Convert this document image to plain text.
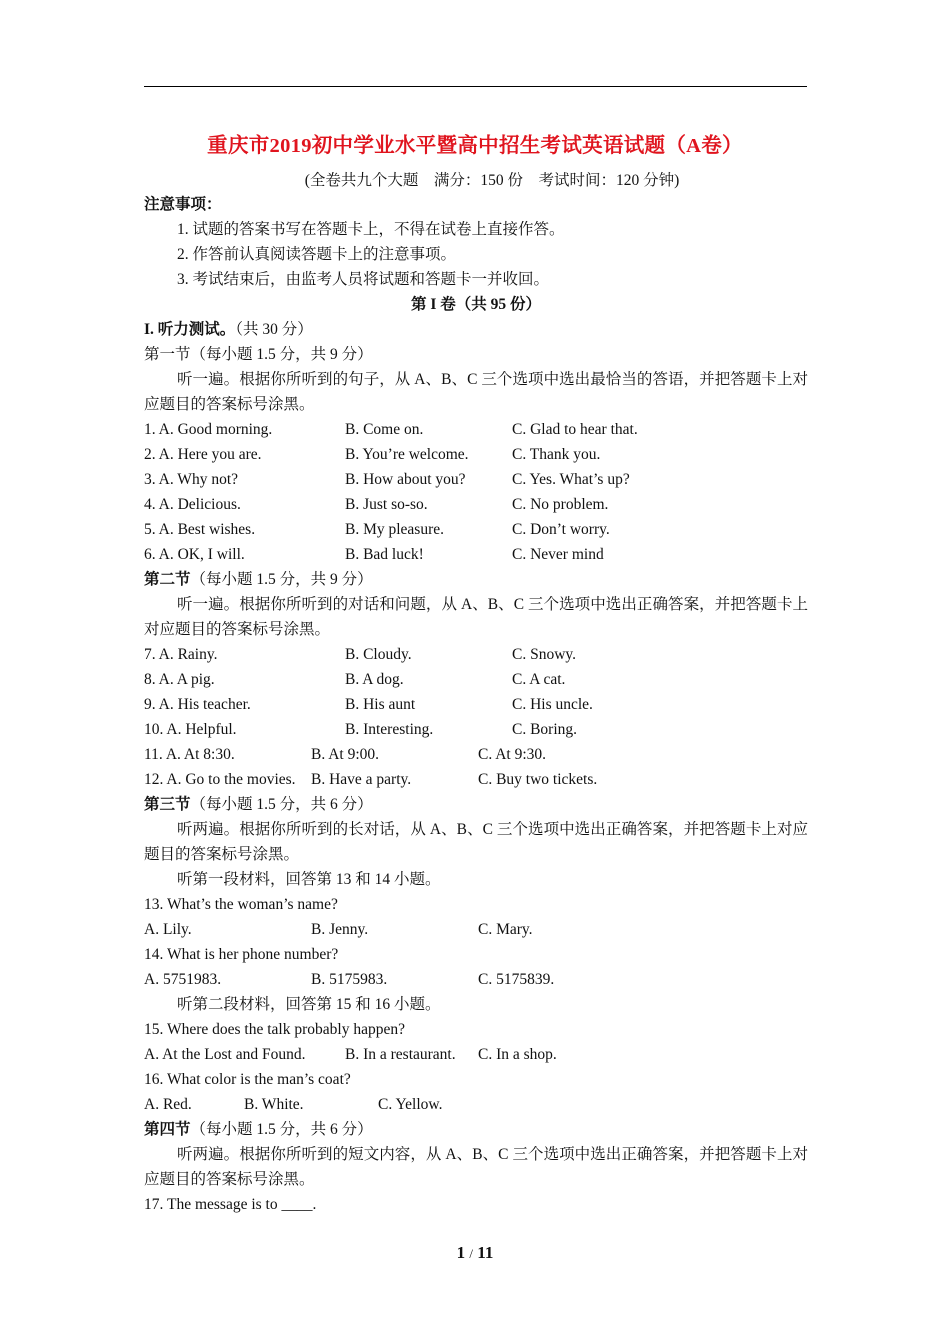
重庆市2019初中学业水平暨高中招生考试英语试题（A卷）
(全卷共九个大题　满分：150 份　考试时间：120 分钟)
注意事项：
1. 试题的答案书写在答题卡上，不得在试卷上直接作答。
2. 作答前认真阅读答题卡上的注意事项。
3. 考试结束后，由监考人员将试题和答题卡一并收回。
第 I 卷（共 95 份）
I. 听力测试。（共 30 分）
第一节（每小题 1.5 分，共 9 分）
听一遍。根据你所听到的句子，从 A、B、C 三个选项中选出最恰当的答语，并把答题卡上对应题目的答案标号涂黑。
1. A. Good morning.	B. Come on.	C. Glad to hear that.
2. A. Here you are.	B. You’re welcome.	C. Thank you.
3. A. Why not?	B. How about you?	C. Yes. What’s up?
4. A. Delicious.	B. Just so-so.	C. No problem.
5. A. Best wishes.	B. My pleasure.	C. Don’t worry.
6. A. OK, I will.	B. Bad luck!	C. Never mind
第二节（每小题 1.5 分，共 9 分）
听一遍。根据你所听到的对话和问题，从 A、B、C 三个选项中选出正确答案，并把答题卡上对应题目的答案标号涂黑。
7. A. Rainy.	B. Cloudy.	C. Snowy.
8. A. A pig.	B. A dog.	C. A cat.
9. A. His teacher.	B. His aunt	C. His uncle.
10. A. Helpful.	B. Interesting.	C. Boring.
11. A. At 8:30.	B. At 9:00.	C. At 9:30.
12. A. Go to the movies. B. Have a party.	C. Buy two tickets.
第三节（每小题 1.5 分，共 6 分）
听两遍。根据你所听到的长对话，从 A、B、C 三个选项中选出正确答案，并把答题卡上对应题目的答案标号涂黑。
听第一段材料，回答第 13 和 14 小题。
13. What’s the woman’s name?
A. Lily.	B. Jenny.	C. Mary.
14. What is her phone number?
A. 5751983.	B. 5175983.	C. 5175839.
听第二段材料，回答第 15 和 16 小题。
15. Where does the talk probably happen?
A. At the Lost and Found.	B. In a restaurant. C. In a shop.
16. What color is the man’s coat?
A. Red.	B. White.	C. Yellow.
第四节（每小题 1.5 分，共 6 分）
听两遍。根据你所听到的短文内容，从 A、B、C 三个选项中选出正确答案，并把答题卡上对应题目的答案标号涂黑。
17. The message is to ____.
1 / 11
